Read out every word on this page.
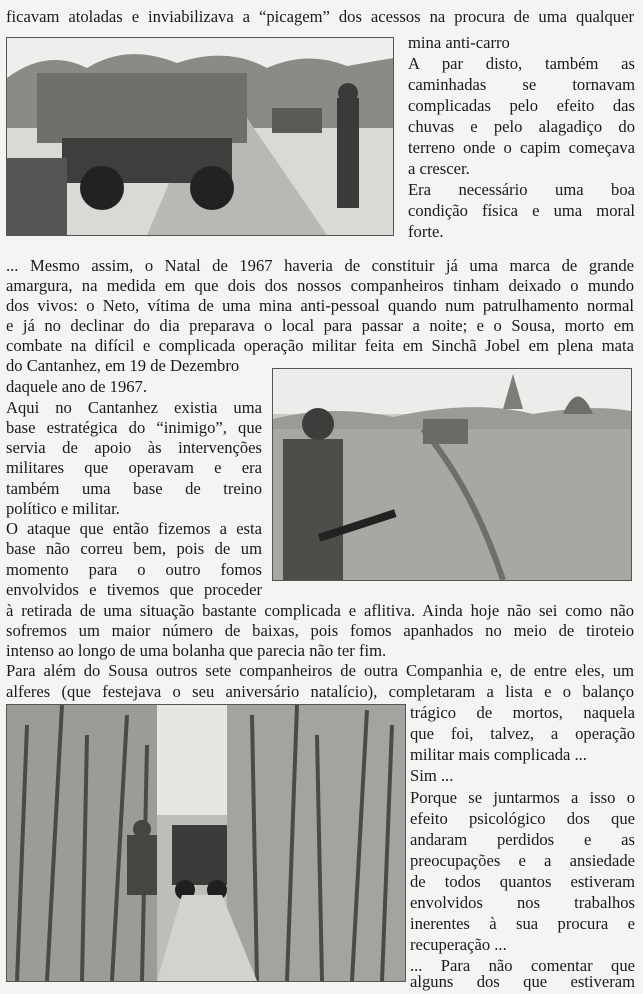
ficavam atoladas e inviabilizava a “picagem” dos acessos na procura de uma qualquer
mina anti-carro
A par disto, também as
caminhadas se tornavam
complicadas pelo efeito das
chuvas e pelo alagadiço do
terreno onde o capim começava
a crescer.
Era necessário uma boa
condição física e uma moral
forte.
... Mesmo assim, o Natal de 1967 haveria de constituir já uma marca de grande
amargura, na medida em que dois dos nossos companheiros tinham deixado o mundo
dos vivos: o Neto, vítima de uma mina anti-pessoal quando num patrulhamento normal
e já no declinar do dia preparava o local para passar a noite; e o Sousa, morto em
combate na difícil e complicada operação militar feita em Sinchã Jobel em plena mata
do Cantanhez, em 19 de Dezembro
daquele ano de 1967.
Aqui no Cantanhez existia uma
base estratégica do “inimigo”, que
servia de apoio às intervenções
militares que operavam e era
também uma base de treino
político e militar.
O ataque que então fizemos a esta
base não correu bem, pois de um
momento para o outro fomos
envolvidos e tivemos que proceder
à retirada de uma situação bastante complicada e aflitiva. Ainda hoje não sei como não
sofremos um maior número de baixas, pois fomos apanhados no meio de tiroteio
intenso ao longo de uma bolanha que parecia não ter fim.
Para além do Sousa outros sete companheiros de outra Companhia e, de entre eles, um
alferes (que festejava o seu aniversário natalício), completaram a lista e o balanço
trágico de mortos, naquela
que foi, talvez, a operação
militar mais complicada ...
Sim ...
Porque se juntarmos a isso o
efeito psicológico dos que
andaram perdidos e as
preocupações e a ansiedade
de todos quantos estiveram
envolvidos nos trabalhos
inerentes à sua procura e
recuperação ...
... Para não comentar que
alguns dos que estiveram
